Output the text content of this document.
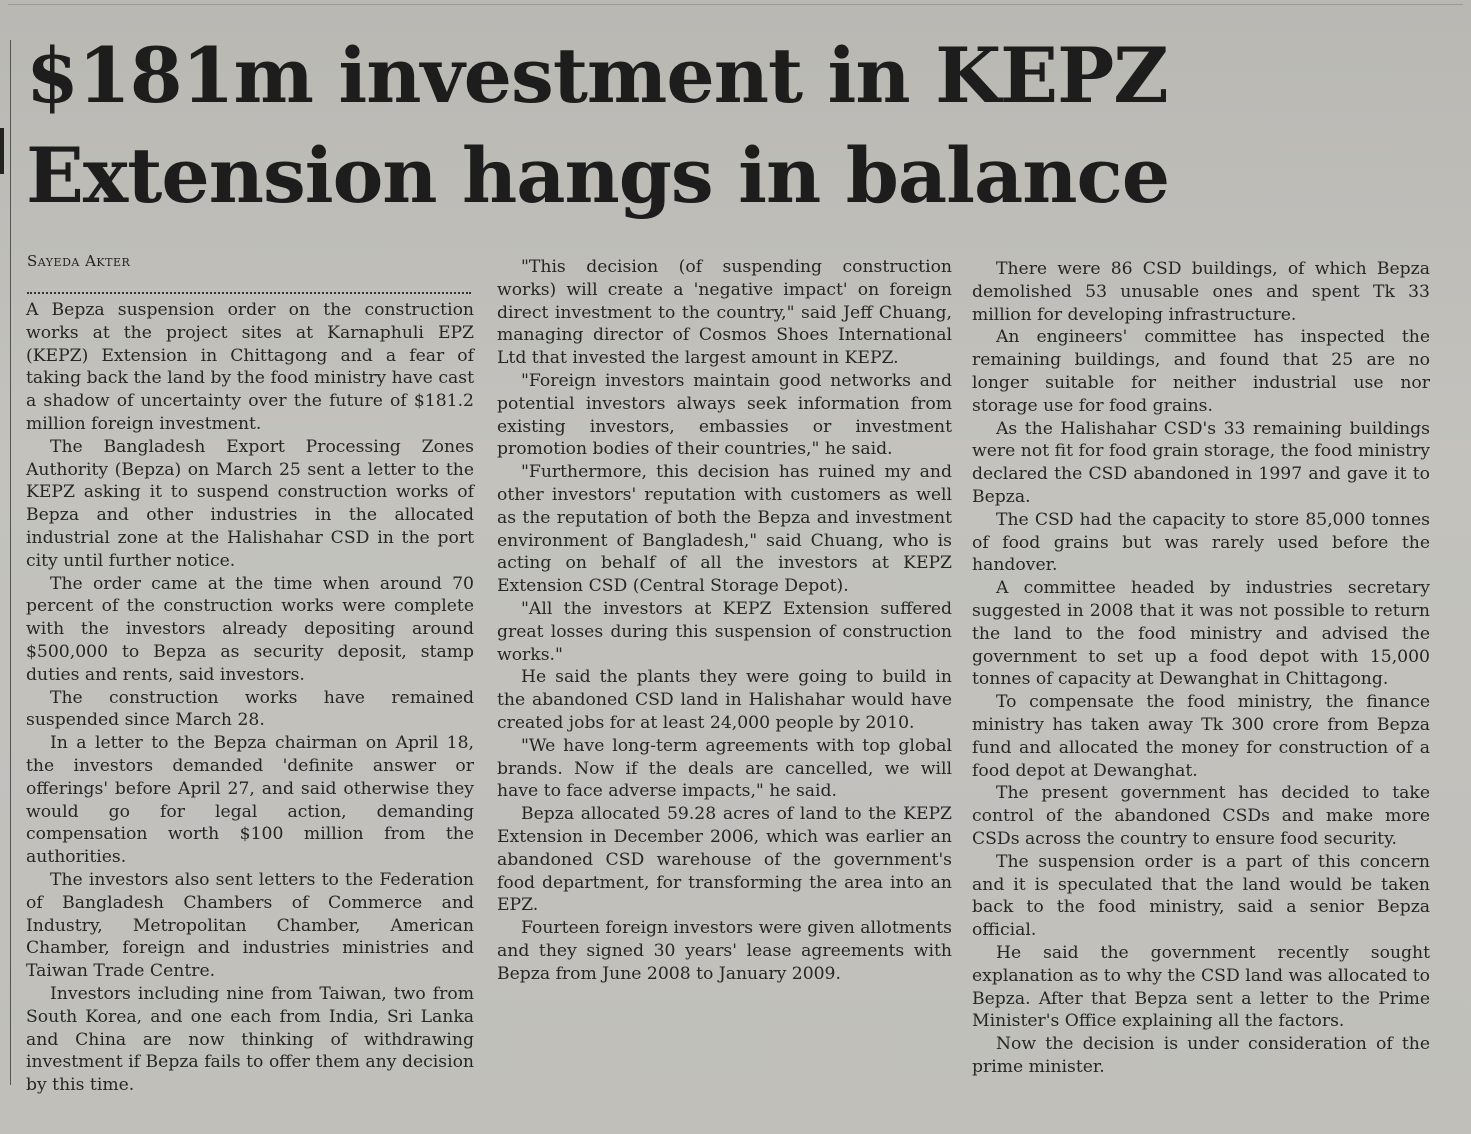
$181m investment in KEPZ
Extension hangs in balance
Sayeda Akter

A Bepza suspension order on the construction works at the project sites at Karnaphuli EPZ (KEPZ) Extension in Chittagong and a fear of taking back the land by the food ministry have cast a shadow of uncertainty over the future of $181.2 million foreign investment.

The Bangladesh Export Processing Zones Authority (Bepza) on March 25 sent a letter to the KEPZ asking it to suspend construction works of Bepza and other industries in the allocated industrial zone at the Halishahar CSD in the port city until further notice.

The order came at the time when around 70 percent of the construction works were complete with the investors already depositing around $500,000 to Bepza as security deposit, stamp duties and rents, said investors.

The construction works have remained suspended since March 28.

In a letter to the Bepza chairman on April 18, the investors demanded 'definite answer or offerings' before April 27, and said otherwise they would go for legal action, demanding compensation worth $100 million from the authorities.

The investors also sent letters to the Federation of Bangladesh Chambers of Commerce and Industry, Metropolitan Chamber, American Chamber, foreign and industries ministries and Taiwan Trade Centre.

Investors including nine from Taiwan, two from South Korea, and one each from India, Sri Lanka and China are now thinking of withdrawing investment if Bepza fails to offer them any decision by this time.

"This decision (of suspending construction works) will create a 'negative impact' on foreign direct investment to the country," said Jeff Chuang, managing director of Cosmos Shoes International Ltd that invested the largest amount in KEPZ.

"Foreign investors maintain good networks and potential investors always seek information from existing investors, embassies or investment promotion bodies of their countries," he said.

"Furthermore, this decision has ruined my and other investors' reputation with customers as well as the reputation of both the Bepza and investment environment of Bangladesh," said Chuang, who is acting on behalf of all the investors at KEPZ Extension CSD (Central Storage Depot).

"All the investors at KEPZ Extension suffered great losses during this suspension of construction works."

He said the plants they were going to build in the abandoned CSD land in Halishahar would have created jobs for at least 24,000 people by 2010.

"We have long-term agreements with top global brands. Now if the deals are cancelled, we will have to face adverse impacts," he said.

Bepza allocated 59.28 acres of land to the KEPZ Extension in December 2006, which was earlier an abandoned CSD warehouse of the government's food department, for transforming the area into an EPZ.

Fourteen foreign investors were given allotments and they signed 30 years' lease agreements with Bepza from June 2008 to January 2009.

There were 86 CSD buildings, of which Bepza demolished 53 unusable ones and spent Tk 33 million for developing infrastructure.

An engineers' committee has inspected the remaining buildings, and found that 25 are no longer suitable for neither industrial use nor storage use for food grains.

As the Halishahar CSD's 33 remaining buildings were not fit for food grain storage, the food ministry declared the CSD abandoned in 1997 and gave it to Bepza.

The CSD had the capacity to store 85,000 tonnes of food grains but was rarely used before the handover.

A committee headed by industries secretary suggested in 2008 that it was not possible to return the land to the food ministry and advised the government to set up a food depot with 15,000 tonnes of capacity at Dewanghat in Chittagong.

To compensate the food ministry, the finance ministry has taken away Tk 300 crore from Bepza fund and allocated the money for construction of a food depot at Dewanghat.

The present government has decided to take control of the abandoned CSDs and make more CSDs across the country to ensure food security.

The suspension order is a part of this concern and it is speculated that the land would be taken back to the food ministry, said a senior Bepza official.

He said the government recently sought explanation as to why the CSD land was allocated to Bepza. After that Bepza sent a letter to the Prime Minister's Office explaining all the factors.

Now the decision is under consideration of the prime minister.
